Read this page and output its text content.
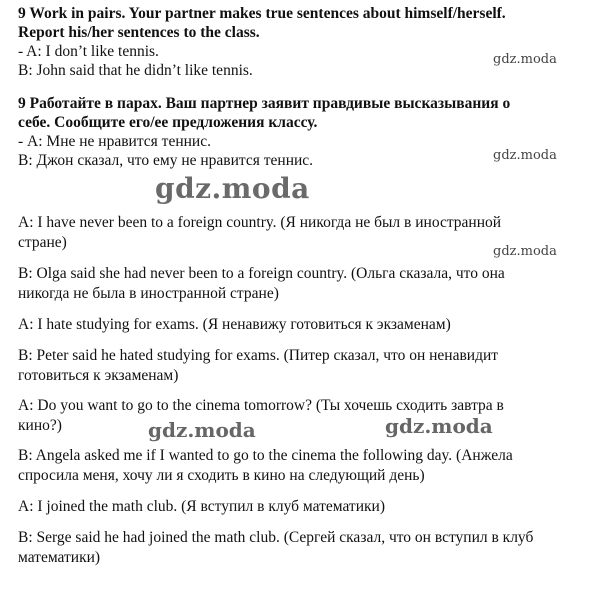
9 Work in pairs. Your partner makes true sentences about himself/herself.
Report his/her sentences to the class.
- A: I don’t like tennis.
B: John said that he didn’t like tennis.
9 Работайте в парах. Ваш партнер заявит правдивые высказывания о
себе. Сообщите его/ее предложения классу.
- А: Мне не нравится теннис.
В: Джон сказал, что ему не нравится теннис.
A: I have never been to a foreign country. (Я никогда не был в иностранной
стране)
B: Olga said she had never been to a foreign country. (Ольга сказала, что она
никогда не была в иностранной стране)
A: I hate studying for exams. (Я ненавижу готовиться к экзаменам)
B: Peter said he hated studying for exams. (Питер сказал, что он ненавидит
готовиться к экзаменам)
A: Do you want to go to the cinema tomorrow? (Ты хочешь сходить завтра в
кино?)
B: Angela asked me if I wanted to go to the cinema the following day. (Анжела
спросила меня, хочу ли я сходить в кино на следующий день)
A: I joined the math club. (Я вступил в клуб математики)
B: Serge said he had joined the math club. (Сергей сказал, что он вступил в клуб
математики)
gdz.moda
gdz.moda
gdz.moda
gdz.moda
gdz.moda	gdz.moda
